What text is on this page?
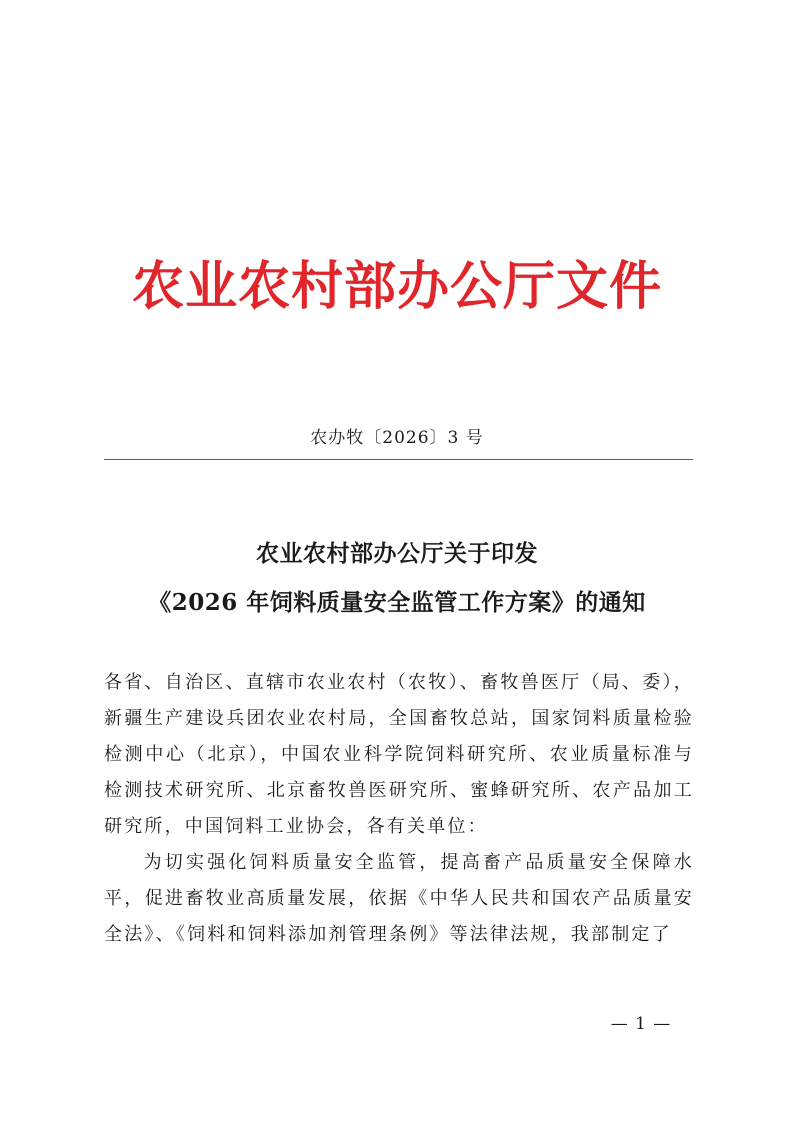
农业农村部办公厅文件
农办牧〔2026〕3 号
农业农村部办公厅关于印发
《2026 年饲料质量安全监管工作方案》的通知

各省、自治区、直辖市农业农村（农牧）、畜牧兽医厅（局、委），新疆生产建设兵团农业农村局，全国畜牧总站，国家饲料质量检验检测中心（北京），中国农业科学院饲料研究所、农业质量标准与检测技术研究所、北京畜牧兽医研究所、蜜蜂研究所、农产品加工研究所，中国饲料工业协会，各有关单位：

为切实强化饲料质量安全监管，提高畜产品质量安全保障水平，促进畜牧业高质量发展，依据《中华人民共和国农产品质量安全法》、《饲料和饲料添加剂管理条例》等法律法规，我部制定了

— 1 —
